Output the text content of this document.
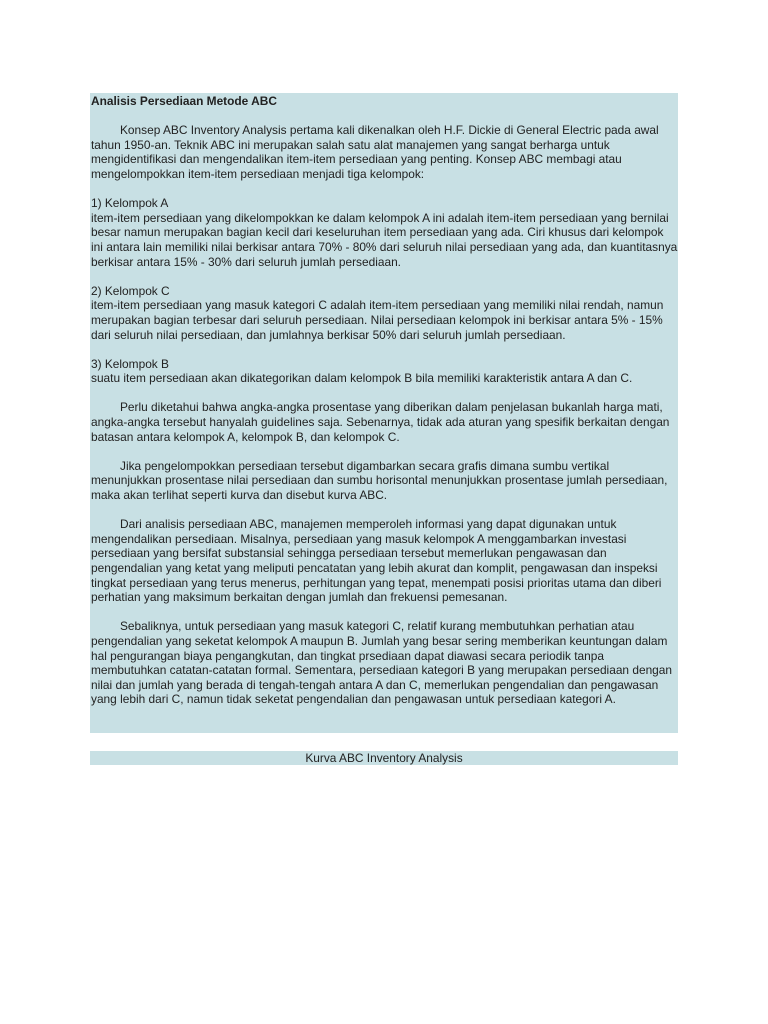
Analisis Persediaan Metode ABC

Konsep ABC Inventory Analysis pertama kali dikenalkan oleh H.F. Dickie di General Electric pada awal tahun 1950-an. Teknik ABC ini merupakan salah satu alat manajemen yang sangat berharga untuk mengidentifikasi dan mengendalikan item-item persediaan yang penting. Konsep ABC membagi atau mengelompokkan item-item persediaan menjadi tiga kelompok:

1) Kelompok A

item-item persediaan yang dikelompokkan ke dalam kelompok A ini adalah item-item persediaan yang bernilai besar namun merupakan bagian kecil dari keseluruhan item persediaan yang ada. Ciri khusus dari kelompok ini antara lain memiliki nilai berkisar antara 70% - 80% dari seluruh nilai persediaan yang ada, dan kuantitasnya berkisar antara 15% - 30% dari seluruh jumlah persediaan.

2) Kelompok C

item-item persediaan yang masuk kategori C adalah item-item persediaan yang memiliki nilai rendah, namun merupakan bagian terbesar dari seluruh persediaan. Nilai persediaan kelompok ini berkisar antara 5% - 15% dari seluruh nilai persediaan, dan jumlahnya berkisar 50% dari seluruh jumlah persediaan.

3) Kelompok B

suatu item persediaan akan dikategorikan dalam kelompok B bila memiliki karakteristik antara A dan C.

Perlu diketahui bahwa angka-angka prosentase yang diberikan dalam penjelasan bukanlah harga mati, angka-angka tersebut hanyalah guidelines saja. Sebenarnya, tidak ada aturan yang spesifik berkaitan dengan batasan antara kelompok A, kelompok B, dan kelompok C.

Jika pengelompokkan persediaan tersebut digambarkan secara grafis dimana sumbu vertikal menunjukkan prosentase nilai persediaan dan sumbu horisontal menunjukkan prosentase jumlah persediaan, maka akan terlihat seperti kurva dan disebut kurva ABC.

Dari analisis persediaan ABC, manajemen memperoleh informasi yang dapat digunakan untuk mengendalikan persediaan. Misalnya, persediaan yang masuk kelompok A menggambarkan investasi persediaan yang bersifat substansial sehingga persediaan tersebut memerlukan pengawasan dan pengendalian yang ketat yang meliputi pencatatan yang lebih akurat dan komplit, pengawasan dan inspeksi tingkat persediaan yang terus menerus, perhitungan yang tepat, menempati posisi prioritas utama dan diberi perhatian yang maksimum berkaitan dengan jumlah dan frekuensi pemesanan.

Sebaliknya, untuk persediaan yang masuk kategori C, relatif kurang membutuhkan perhatian atau pengendalian yang seketat kelompok A maupun B. Jumlah yang besar sering memberikan keuntungan dalam hal pengurangan biaya pengangkutan, dan tingkat prsediaan dapat diawasi secara periodik tanpa membutuhkan catatan-catatan formal. Sementara, persediaan kategori B yang merupakan persediaan dengan nilai dan jumlah yang berada di tengah-tengah antara A dan C, memerlukan pengendalian dan pengawasan yang lebih dari C, namun tidak seketat pengendalian dan pengawasan untuk persediaan kategori A.

Kurva ABC Inventory Analysis
